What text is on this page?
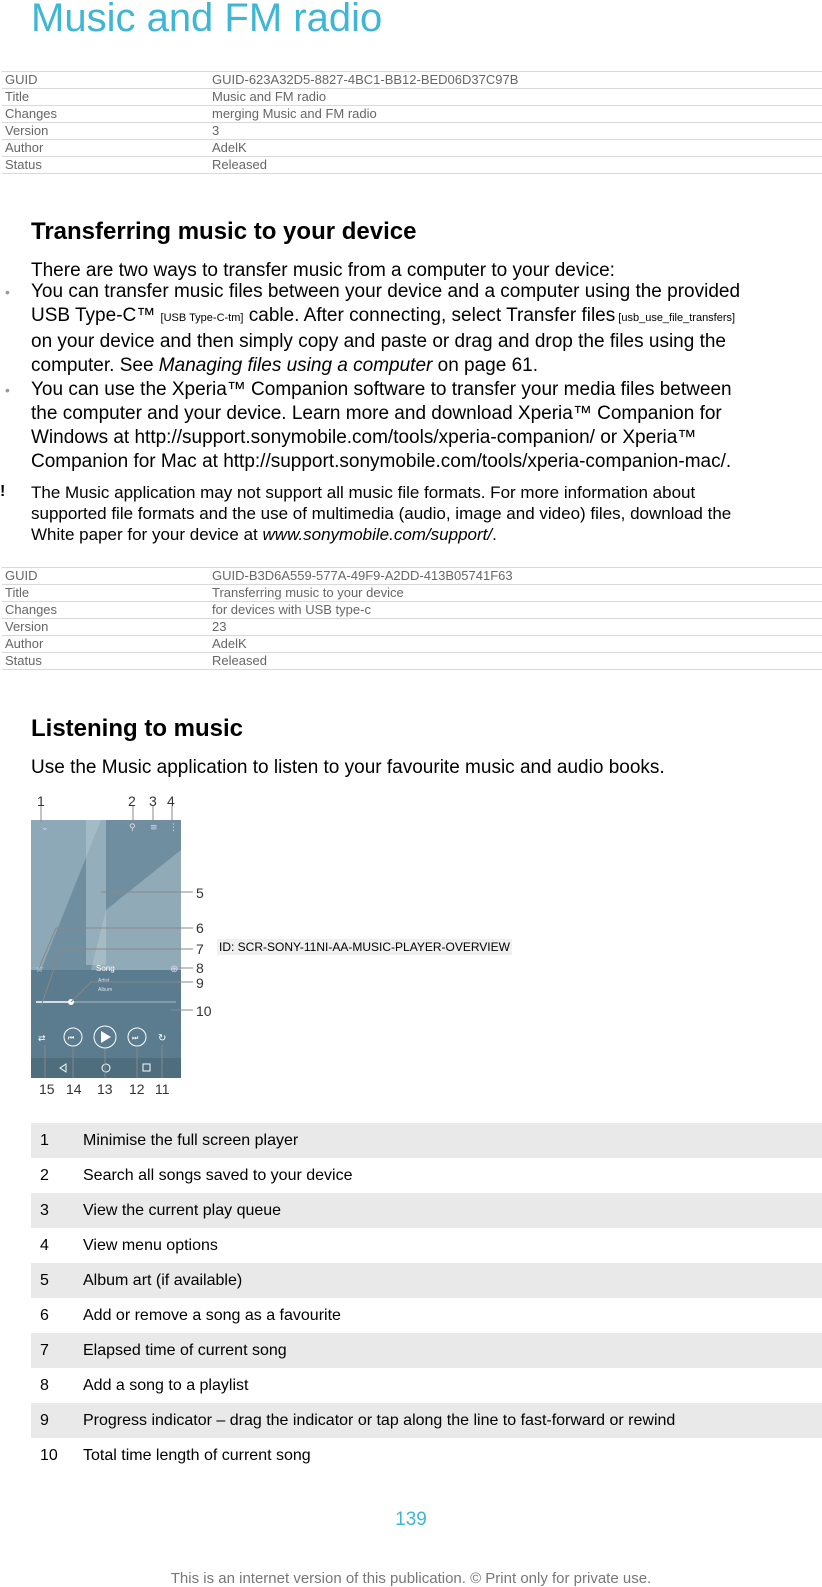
Music and FM radio
GUID	GUID-623A32D5-8827-4BC1-BB12-BED06D37C97B
Title	Music and FM radio
Changes	merging Music and FM radio
Version	3
Author	AdelK
Status	Released
Transferring music to your device

There are two ways to transfer music from a computer to your device:

• You can transfer music files between your device and a computer using the provided
USB Type-C™ [USB Type-C-tm] cable. After connecting, select Transfer files [usb_use_file_transfers]
on your device and then simply copy and paste or drag and drop the files using the
computer. See Managing files using a computer on page 61.
• You can use the Xperia™ Companion software to transfer your media files between
the computer and your device. Learn more and download Xperia™ Companion for
Windows at http://support.sonymobile.com/tools/xperia-companion/ or Xperia™
Companion for Mac at http://support.sonymobile.com/tools/xperia-companion-mac/.
! The Music application may not support all music file formats. For more information about
supported file formats and the use of multimedia (audio, image and video) files, download the
White paper for your device at www.sonymobile.com/support/.
GUID	GUID-B3D6A559-577A-49F9-A2DD-413B05741F63
Title	Transferring music to your device
Changes	for devices with USB type-c
Version	23
Author	AdelK
Status	Released
Listening to music

Use the Music application to listen to your favourite music and audio books.

⌄	⚲ ≡ ⋮
☆	⊕
Song
Artist
Album
⏮	⏭ ↻
⇄
1	2 3 4
5
6
7
8
9
10
11
12
13
14
15
ID: SCR-SONY-11NI-AA-MUSIC-PLAYER-OVERVIEW
1	Minimise the full screen player
2	Search all songs saved to your device
3	View the current play queue
4	View menu options
5	Album art (if available)
6	Add or remove a song as a favourite
7	Elapsed time of current song
8	Add a song to a playlist
9	Progress indicator – drag the indicator or tap along the line to fast-forward or rewind
10	Total time length of current song
139
This is an internet version of this publication. © Print only for private use.
